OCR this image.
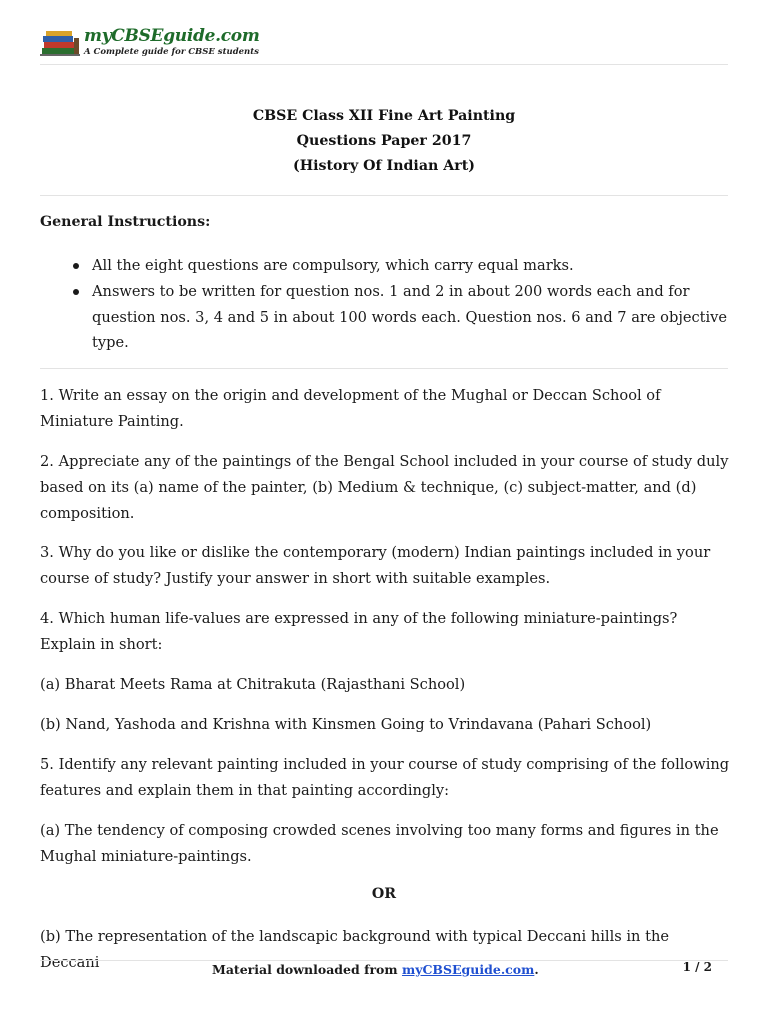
myCBSEguide.com
A Complete guide for CBSE students
CBSE Class XII Fine Art Painting
Questions Paper 2017
(History Of Indian Art)
General Instructions:
All the eight questions are compulsory, which carry equal marks.
Answers to be written for question nos. 1 and 2 in about 200 words each and for question nos. 3, 4 and 5 in about 100 words each. Question nos. 6 and 7 are objective type.

1. Write an essay on the origin and development of the Mughal or Deccan School of Miniature Painting.

2. Appreciate any of the paintings of the Bengal School included in your course of study duly based on its (a) name of the painter, (b) Medium & technique, (c) subject-matter, and (d) composition.

3. Why do you like or dislike the contemporary (modern) Indian paintings included in your course of study? Justify your answer in short with suitable examples.

4. Which human life-values are expressed in any of the following miniature-paintings? Explain in short:

(a) Bharat Meets Rama at Chitrakuta (Rajasthani School)

(b) Nand, Yashoda and Krishna with Kinsmen Going to Vrindavana (Pahari School)

5. Identify any relevant painting included in your course of study comprising of the following features and explain them in that painting accordingly:

(a) The tendency of composing crowded scenes involving too many forms and figures in the Mughal miniature-paintings.

OR

(b) The representation of the landscapic background with typical Deccani hills in the Deccani	Material downloaded from myCBSEguide.com.	1 / 2
